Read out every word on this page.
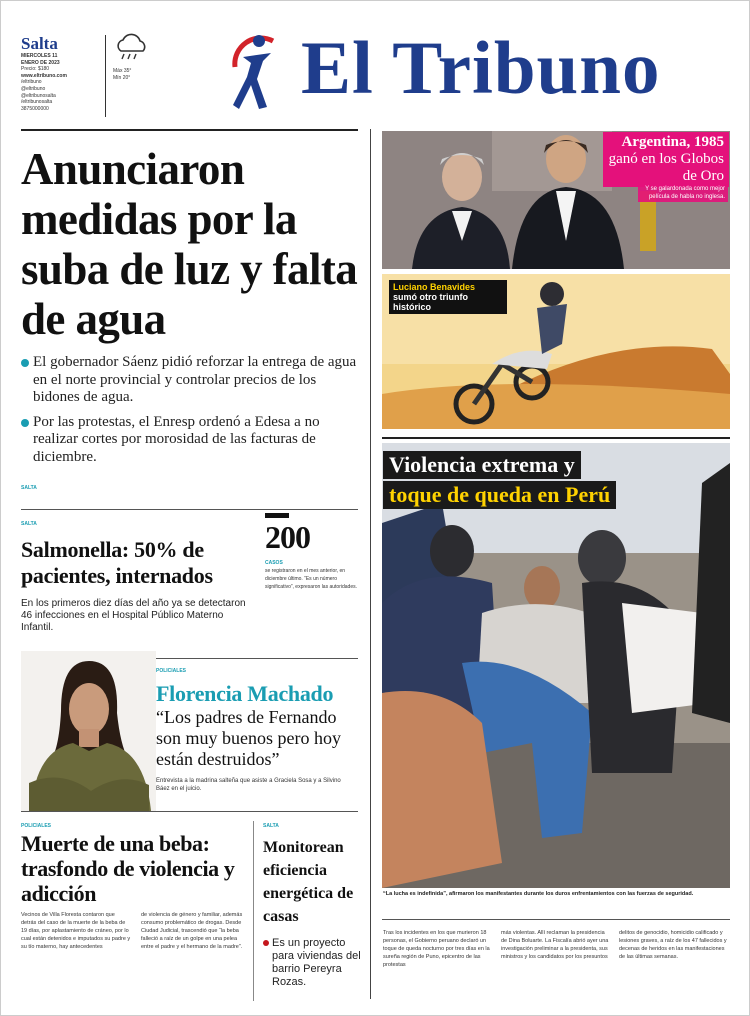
Salta
MIÉRCOLES 11
ENERO DE 2023
Precio: $180
www.eltribuno.com
/eltribuno
@eltribuno
@eltribunosalta
/eltribunosalta
3875000000
Máx 35°
Mín 20°	El Tribuno
Anunciaron medidas por la suba de luz y falta de agua
El gobernador Sáenz pidió reforzar la entrega de agua en el norte provincial y controlar precios de los bidones de agua.
Por las protestas, el Enresp ordenó a Edesa a no realizar cortes por morosidad de las facturas de diciembre.
SALTA
SALTA
Salmonella: 50% de pacientes, internados
En los primeros diez días del año ya se detectaron 46 infecciones en el Hospital Público Materno Infantil.
200
CASOS
se registraron en el mes anterior, en diciembre último. “Es un número significativo”, expresaron las autoridades.
POLICIALES
Florencia Machado
“Los padres de Fernando son muy buenos pero hoy están destruidos”
Entrevista a la madrina salteña que asiste a Graciela Sosa y a Silvino Báez en el juicio.
POLICIALES
Muerte de una beba: trasfondo de violencia y adicción
Vecinos de Villa Floresta contaron que detrás del caso de la muerte de la beba de 19 días, por aplastamiento de cráneo, por lo cual están detenidos e imputados su padre y su tío materno, hay antecedentes
de violencia de género y familiar, además consumo problemático de drogas. Desde Ciudad Judicial, trascendió que “la beba falleció a raíz de un golpe en una pelea entre el padre y el hermano de la madre”.
SALTA
Monitorean eficiencia energética de casas
Es un proyecto para viviendas del barrio Pereyra Rozas.
Argentina, 1985
ganó en los Globos de Oro
Y se galardonada como mejor película de habla no inglesa.
Luciano Benavides
sumó otro triunfo histórico
Violencia extrema y
toque de queda en Perú
“La lucha es indefinida”, afirmaron los manifestantes durante los duros enfrentamientos con las fuerzas de seguridad.
Tras los incidentes en los que murieron 18 personas, el Gobierno peruano declaró un toque de queda nocturno por tres días en la sureña región de Puno, epicentro de las protestas
más violentas. Allí reclaman la presidencia de Dina Boluarte. La Fiscalía abrió ayer una investigación preliminar a la presidenta, sus ministros y los candidatos por los presuntos
delitos de genocidio, homicidio calificado y lesiones graves, a raíz de los 47 fallecidos y decenas de heridos en las manifestaciones de las últimas semanas.
